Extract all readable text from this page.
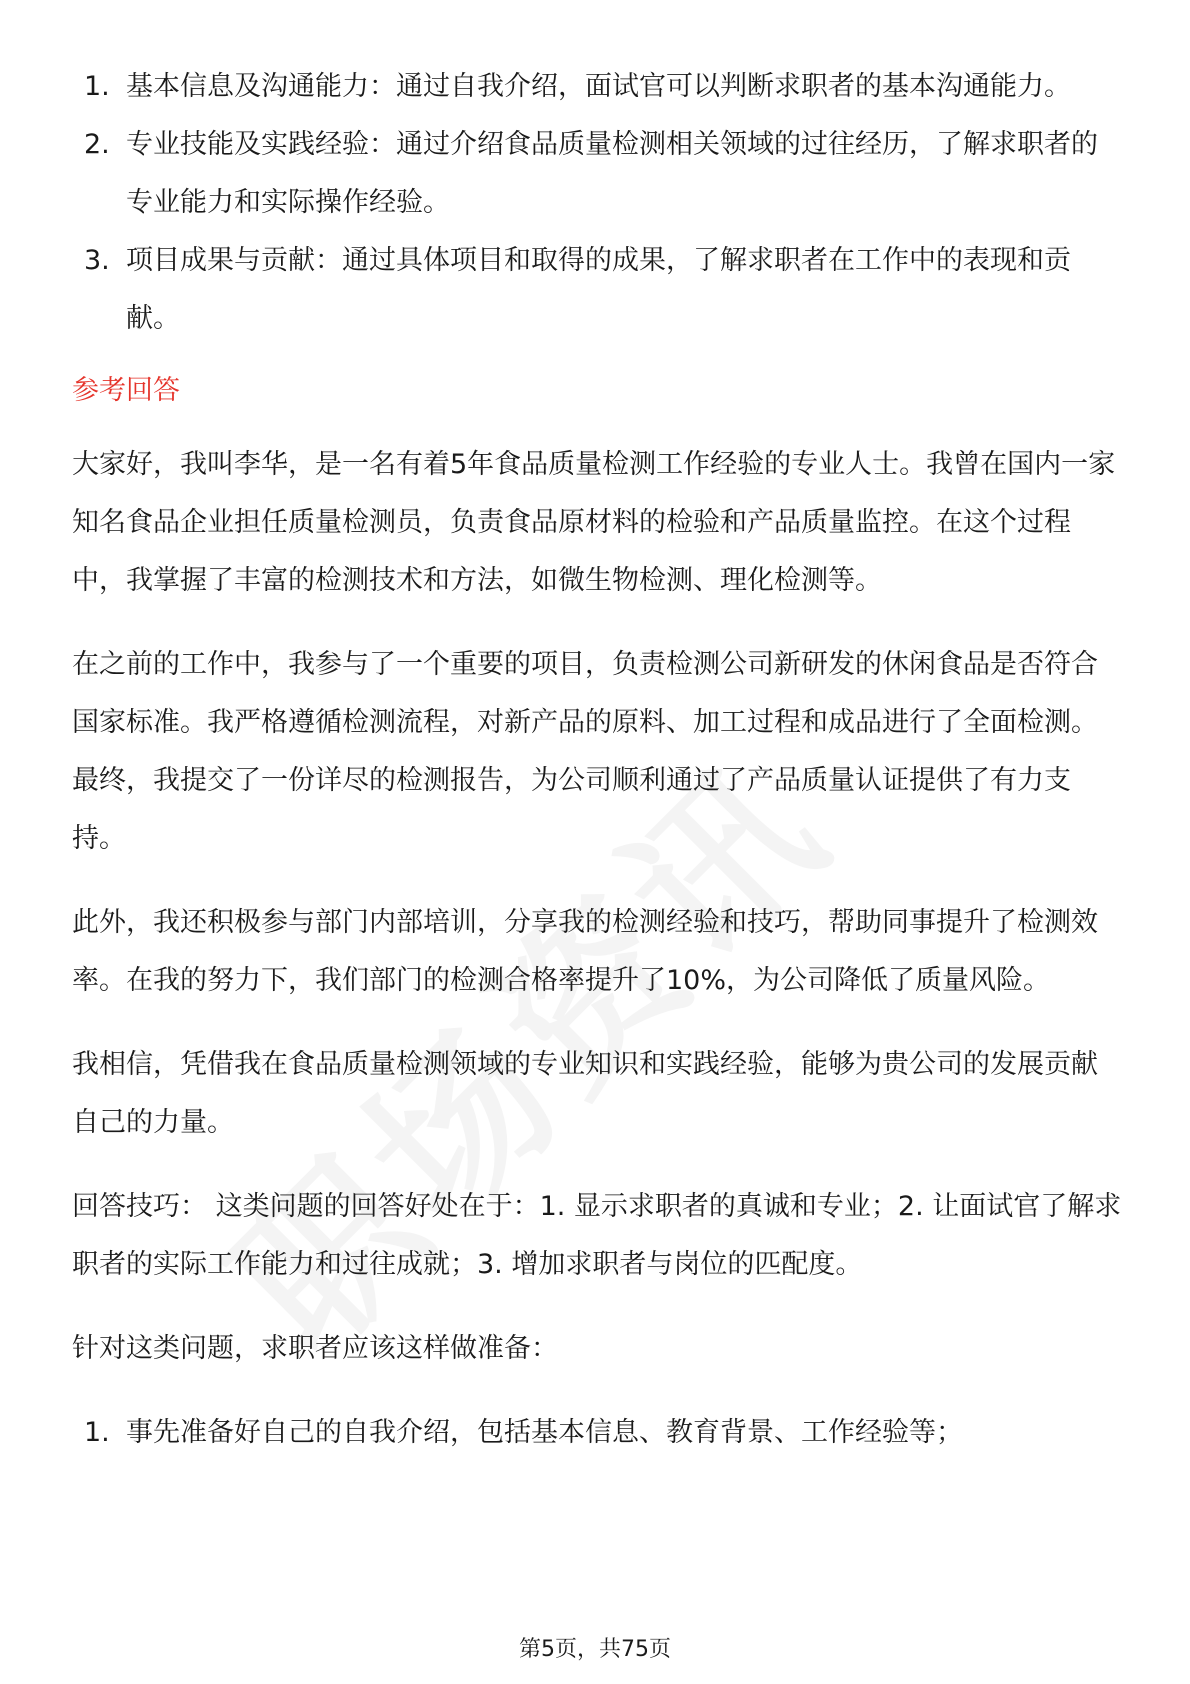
1. 基本信息及沟通能力：通过自我介绍，面试官可以判断求职者的基本沟通能力。
2. 专业技能及实践经验：通过介绍食品质量检测相关领域的过往经历，了解求职者的专业能力和实际操作经验。
3. 项目成果与贡献：通过具体项目和取得的成果，了解求职者在工作中的表现和贡献。
参考回答

大家好，我叫李华，是一名有着5年食品质量检测工作经验的专业人士。我曾在国内一家知名食品企业担任质量检测员，负责食品原材料的检验和产品质量监控。在这个过程中，我掌握了丰富的检测技术和方法，如微生物检测、理化检测等。

在之前的工作中，我参与了一个重要的项目，负责检测公司新研发的休闲食品是否符合国家标准。我严格遵循检测流程，对新产品的原料、加工过程和成品进行了全面检测。最终，我提交了一份详尽的检测报告，为公司顺利通过了产品质量认证提供了有力支持。

此外，我还积极参与部门内部培训，分享我的检测经验和技巧，帮助同事提升了检测效率。在我的努力下，我们部门的检测合格率提升了10%，为公司降低了质量风险。

我相信，凭借我在食品质量检测领域的专业知识和实践经验，能够为贵公司的发展贡献自己的力量。

回答技巧： 这类问题的回答好处在于：1. 显示求职者的真诚和专业；2. 让面试官了解求职者的实际工作能力和过往成就；3. 增加求职者与岗位的匹配度。

针对这类问题，求职者应该这样做准备：

1. 事先准备好自己的自我介绍，包括基本信息、教育背景、工作经验等；
第5页，共75页
